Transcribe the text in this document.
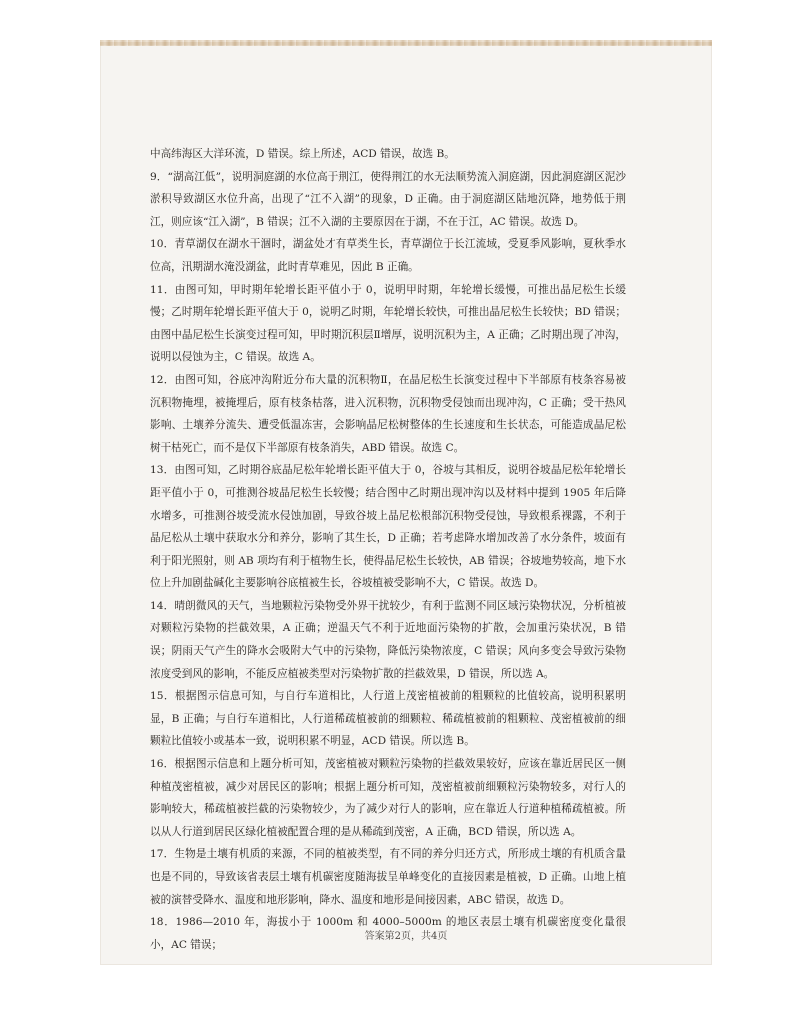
中高纬海区大洋环流，D 错误。综上所述，ACD 错误，故选 B。

9．“湖高江低”，说明洞庭湖的水位高于荆江，使得荆江的水无法顺势流入洞庭湖，因此洞庭湖区泥沙淤积导致湖区水位升高，出现了“江不入湖”的现象，D 正确。由于洞庭湖区陆地沉降，地势低于荆江，则应该“江入湖”，B 错误；江不入湖的主要原因在于湖，不在于江，AC 错误。故选 D。

10．青草湖仅在湖水干涸时，湖盆处才有草类生长，青草湖位于长江流域，受夏季风影响，夏秋季水位高，汛期湖水淹没湖盆，此时青草难见，因此 B 正确。

11．由图可知，甲时期年轮增长距平值小于 0，说明甲时期，年轮增长缓慢，可推出晶尼松生长缓慢；乙时期年轮增长距平值大于 0，说明乙时期，年轮增长较快，可推出晶尼松生长较快；BD 错误；由图中晶尼松生长演变过程可知，甲时期沉积层Ⅱ增厚，说明沉积为主，A 正确；乙时期出现了冲沟，说明以侵蚀为主，C 错误。故选 A。

12．由图可知，谷底冲沟附近分布大量的沉积物Ⅱ，在晶尼松生长演变过程中下半部原有枝条容易被沉积物掩埋，被掩埋后，原有枝条枯落，进入沉积物，沉积物受侵蚀而出现冲沟，C 正确；受干热风影响、土壤养分流失、遭受低温冻害，会影响晶尼松树整体的生长速度和生长状态，可能造成晶尼松树干枯死亡，而不是仅下半部原有枝条消失，ABD 错误。故选 C。

13．由图可知，乙时期谷底晶尼松年轮增长距平值大于 0，谷坡与其相反，说明谷坡晶尼松年轮增长距平值小于 0，可推测谷坡晶尼松生长较慢；结合图中乙时期出现冲沟以及材料中提到 1905 年后降水增多，可推测谷坡受流水侵蚀加剧，导致谷坡上晶尼松根部沉积物受侵蚀，导致根系裸露，不利于晶尼松从土壤中获取水分和养分，影响了其生长，D 正确；若考虑降水增加改善了水分条件，坡面有利于阳光照射，则 AB 项均有利于植物生长，使得晶尼松生长较快，AB 错误；谷坡地势较高，地下水位上升加剧盐碱化主要影响谷底植被生长，谷坡植被受影响不大，C 错误。故选 D。

14．晴朗微风的天气，当地颗粒污染物受外界干扰较少，有利于监测不同区域污染物状况，分析植被对颗粒污染物的拦截效果，A 正确；逆温天气不利于近地面污染物的扩散，会加重污染状况，B 错误；阴雨天气产生的降水会吸附大气中的污染物，降低污染物浓度，C 错误；风向多变会导致污染物浓度受到风的影响，不能反应植被类型对污染物扩散的拦截效果，D 错误，所以选 A。

15．根据图示信息可知，与自行车道相比，人行道上茂密植被前的粗颗粒的比值较高，说明积累明显，B 正确；与自行车道相比，人行道稀疏植被前的细颗粒、稀疏植被前的粗颗粒、茂密植被前的细颗粒比值较小或基本一致，说明积累不明显，ACD 错误。所以选 B。

16．根据图示信息和上题分析可知，茂密植被对颗粒污染物的拦截效果较好，应该在靠近居民区一侧种植茂密植被，减少对居民区的影响；根据上题分析可知，茂密植被前细颗粒污染物较多，对行人的影响较大，稀疏植被拦截的污染物较少，为了减少对行人的影响，应在靠近人行道种植稀疏植被。所以从人行道到居民区绿化植被配置合理的是从稀疏到茂密，A 正确，BCD 错误，所以选 A。

17．生物是土壤有机质的来源，不同的植被类型，有不同的养分归还方式，所形成土壤的有机质含量也是不同的，导致该省表层土壤有机碳密度随海拔呈单峰变化的直接因素是植被，D 正确。山地上植被的演替受降水、温度和地形影响，降水、温度和地形是间接因素，ABC 错误，故选 D。

18．1986—2010 年，海拔小于 1000m 和 4000–5000m 的地区表层土壤有机碳密度变化量很小，AC 错误；

答案第2页，共4页
